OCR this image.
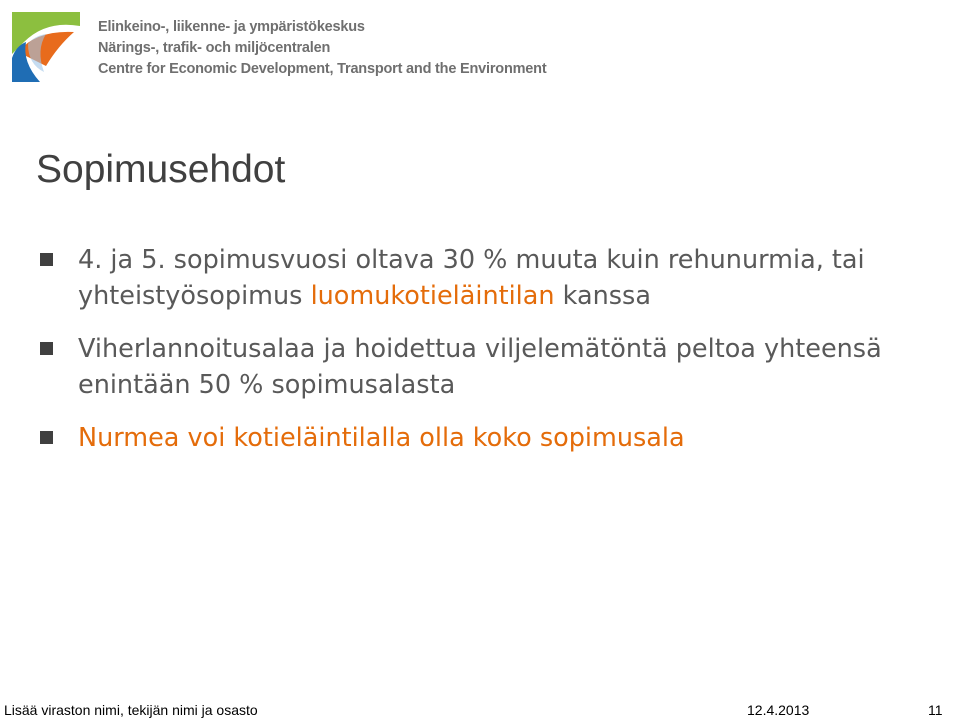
Elinkeino-, liikenne- ja ympäristökeskus
Närings-, trafik- och miljöcentralen
Centre for Economic Development, Transport and the Environment
Sopimusehdot
4. ja 5. sopimusvuosi oltava 30 % muuta kuin rehunurmia, tai yhteistyösopimus luomukotieläintilan kanssa
Viherlannoitusalaa ja hoidettua viljelemätöntä peltoa yhteensä enintään 50 % sopimusalasta
Nurmea voi kotieläintilalla olla koko sopimusala
Lisää viraston nimi, tekijän nimi ja osasto	12.4.2013	11
